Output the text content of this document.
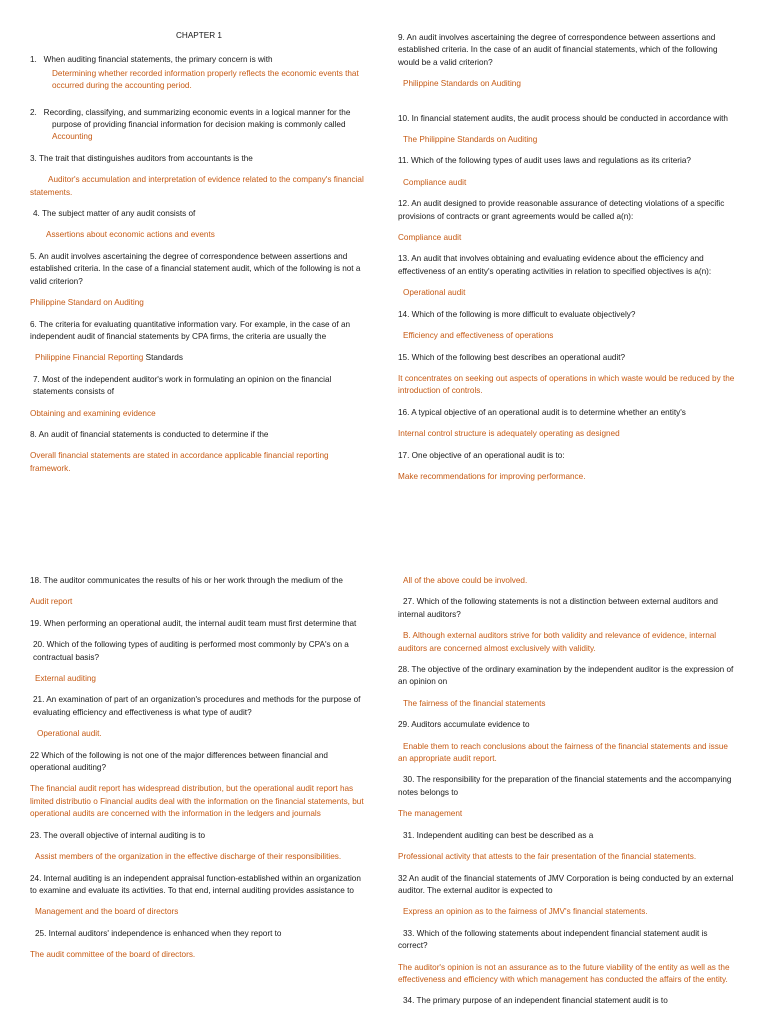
CHAPTER 1
1.   When auditing financial statements, the primary concern is with
Determining whether recorded information properly reflects the economic events that occurred during the accounting period.
2.   Recording, classifying, and summarizing economic events in a logical manner for the purpose of providing financial information for decision making is commonly called
Accounting
3. The trait that distinguishes auditors from accountants is the
Auditor's accumulation and interpretation of evidence related to the company's financial statements.
4. The subject matter of any audit consists of
Assertions about economic actions and events
5. An audit involves ascertaining the degree of correspondence between assertions and established criteria. In the case of a financial statement audit, which of the following is not a valid criterion?
Philippine Standard on Auditing
6. The criteria for evaluating quantitative information vary. For example, in the case of an independent audit of financial statements by CPA firms, the criteria are usually the
Philippine Financial Reporting Standards
7. Most of the independent auditor's work in formulating an opinion on the financial statements consists of
Obtaining and examining evidence
8. An audit of financial statements is conducted to determine if the
Overall financial statements are stated in accordance applicable financial reporting framework.
9. An audit involves ascertaining the degree of correspondence between assertions and established criteria. In the case of an audit of financial statements, which of the following would be a valid criterion?
Philippine Standards on Auditing
10. In financial statement audits, the audit process should be conducted in accordance with
The Philippine Standards on Auditing
11. Which of the following types of audit uses laws and regulations as its criteria?
Compliance audit
12. An audit designed to provide reasonable assurance of detecting violations of a specific provisions of contracts or grant agreements would be called a(n):
Compliance audit
13. An audit that involves obtaining and evaluating evidence about the efficiency and effectiveness of an entity's operating activities in relation to specified objectives is a(n):
Operational audit
14. Which of the following is more difficult to evaluate objectively?
Efficiency and effectiveness of operations
15. Which of the following best describes an operational audit?
It concentrates on seeking out aspects of operations in which waste would be reduced by the introduction of controls.
16. A typical objective of an operational audit is to determine whether an entity's
Internal control structure is adequately operating as designed
17. One objective of an operational audit is to:
Make recommendations for improving performance.
18. The auditor communicates the results of his or her work through the medium of the
Audit report
19. When performing an operational audit, the internal audit team must first determine that
20. Which of the following types of auditing is performed most commonly by CPA's on a contractual basis?
External auditing
21. An examination of part of an organization's procedures and methods for the purpose of evaluating efficiency and effectiveness is what type of audit?
Operational audit.
22 Which of the following is not one of the major differences between financial and operational auditing?
The financial audit report has widespread distribution, but the operational audit report has limited distributio o Financial audits deal with the information on the financial statements, but operational audits are concerned with the information in the ledgers and journals
23. The overall objective of internal auditing is to
Assist members of the organization in the effective discharge of their responsibilities.
24. Internal auditing is an independent appraisal function-established within an organization to examine and evaluate its activities. To that end, internal auditing provides assistance to
Management and the board of directors
25. Internal auditors' independence is enhanced when they report to
The audit committee of the board of directors.
All of the above could be involved.
27. Which of the following statements is not a distinction between external auditors and internal auditors?
B. Although external auditors strive for both validity and relevance of evidence, internal auditors are concerned almost exclusively with validity.
28. The objective of the ordinary examination by the independent auditor is the expression of an opinion on
The fairness of the financial statements
29. Auditors accumulate evidence to
Enable them to reach conclusions about the fairness of the financial statements and issue an appropriate audit report.
30. The responsibility for the preparation of the financial statements and the accompanying notes belongs to
The management
31. Independent auditing can best be described as a
Professional activity that attests to the fair presentation of the financial statements.
32 An audit of the financial statements of JMV Corporation is being conducted by an external auditor. The external auditor is expected to
Express an opinion as to the fairness of JMV's financial statements.
33. Which of the following statements about independent financial statement audit is correct?
The auditor's opinion is not an assurance as to the future viability of the entity as well as the effectiveness and efficiency with which management has conducted the affairs of the entity.
34. The primary purpose of an independent financial statement audit is to
